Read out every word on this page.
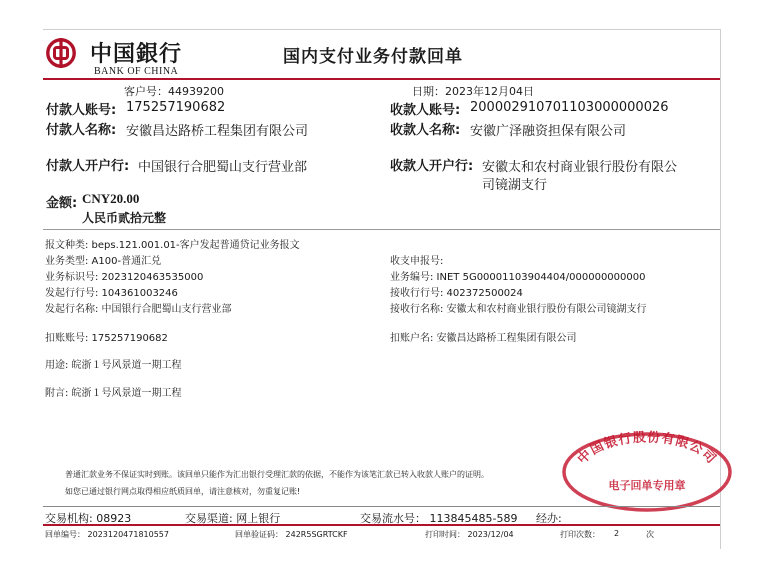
中国銀行
BANK OF CHINA
国内支付业务付款回单
客户号：44939200	日期：2023年12月04日
付款人账号: 175257190682
付款人名称: 安徽昌达路桥工程集团有限公司
付款人开户行: 中国银行合肥蜀山支行营业部
收款人账号: 200002910701103000000026
收款人名称: 安徽广泽融资担保有限公司
收款人开户行: 安徽太和农村商业银行股份有限公
司镜湖支行
金额: CNY20.00
人民币贰拾元整
报文种类: beps.121.001.01-客户发起普通贷记业务报文
业务类型: A100-普通汇兑
业务标识号: 2023120463535000
发起行行号: 104361003246
发起行名称: 中国银行合肥蜀山支行营业部
收支申报号:
业务编号: INET 5G00001103904404/000000000000
接收行行号: 402372500024
接收行名称: 安徽太和农村商业银行股份有限公司镜湖支行
扣账账号: 175257190682	扣账户名: 安徽昌达路桥工程集团有限公司
用途: 皖浙１号风景道一期工程
附言: 皖浙１号风景道一期工程
普通汇款业务不保证实时到账。该回单只能作为汇出银行受理汇款的依据，不能作为该笔汇款已转入收款人账户的证明。
如您已通过银行网点取得相应纸质回单，请注意核对，勿重复记账!
中国银行股份有限公司
电子回单专用章
交易机构: 08923	交易渠道: 网上银行	交易流水号： 113845485-589 经办:
回单编号： 2023120471810557	回单验证码： 242R5SGRTCKF	打印时间： 2023/12/04	打印次数： 2	次
